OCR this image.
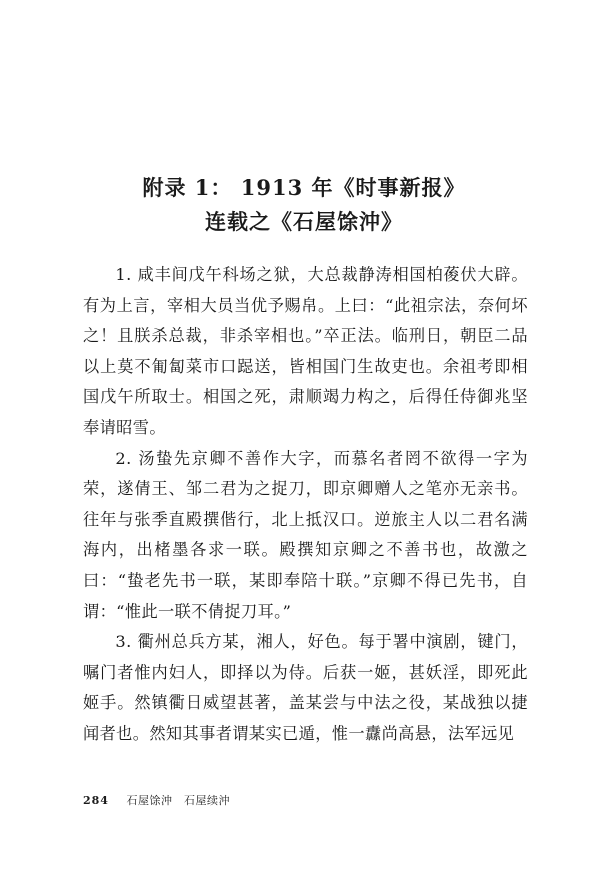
附录 1： 1913 年《时事新报》
连载之《石屋馀沖》

1. 咸丰间戊午科场之狱，大总裁静涛相国柏葰伏大辟。有为上言，宰相大员当优予赐帛。上曰：“此祖宗法，奈何坏之！且朕杀总裁，非杀宰相也。”卒正法。临刑日，朝臣二品以上莫不匍匐菜市口跽送，皆相国门生故吏也。余祖考即相国戊午所取士。相国之死，肃顺竭力构之，后得任侍御兆坚奉请昭雪。

2. 汤蛰先京卿不善作大字，而慕名者罔不欲得一字为荣，遂倩王、邹二君为之捉刀，即京卿赠人之笔亦无亲书。往年与张季直殿撰偕行，北上抵汉口。逆旅主人以二君名满海内，出楮墨各求一联。殿撰知京卿之不善书也，故激之曰：“蛰老先书一联，某即奉陪十联。”京卿不得已先书，自谓：“惟此一联不倩捉刀耳。”

3. 衢州总兵方某，湘人，好色。每于署中演剧，键门，嘱门者惟内妇人，即择以为侍。后获一姬，甚妖淫，即死此姬手。然镇衢日威望甚著，盖某尝与中法之役，某战独以捷闻者也。然知其事者谓某实已遁，惟一纛尚高悬，法军远见

284 石屋馀沖　石屋续沖
